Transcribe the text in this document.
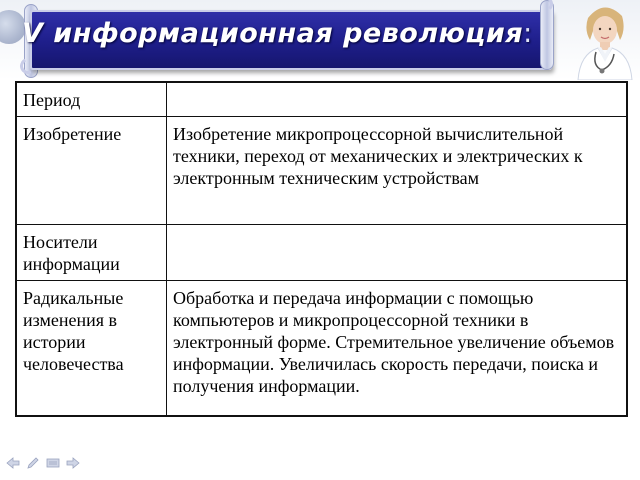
V информационная революция:
Период	
Изобретение	Изобретение микропроцессорной вычислительной техники, переход от механических и электрических к электронным техническим устройствам
Носители информации	
Радикальные изменения в истории человечества	Обработка и передача информации с помощью компьютеров и микропроцессорной техники в электронный форме. Стремительное увеличение объемов информации. Увеличилась скорость передачи, поиска и получения информации.
